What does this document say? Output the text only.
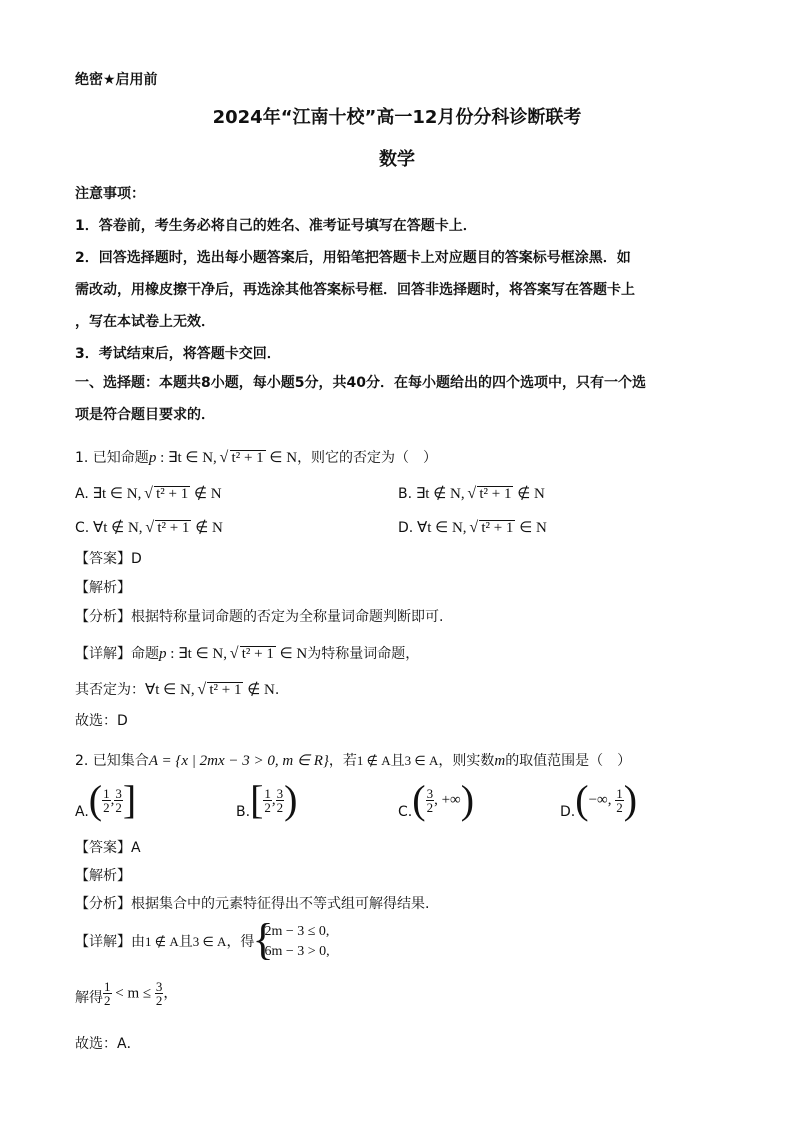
绝密★启用前
2024年“江南十校”高一12月份分科诊断联考
数学
注意事项：
1．答卷前，考生务必将自己的姓名、准考证号填写在答题卡上．
2．回答选择题时，选出每小题答案后，用铅笔把答题卡上对应题目的答案标号框涂黑．如
需改动，用橡皮擦干净后，再选涂其他答案标号框．回答非选择题时，将答案写在答题卡上
，写在本试卷上无效．
3．考试结束后，将答题卡交回．
一、选择题：本题共8小题，每小题5分，共40分．在每小题给出的四个选项中，只有一个选
项是符合题目要求的．
1. 已知命题p : ∃t ∈ N, √ t² + 1 ∈ N，则它的否定为（　）
A. ∃t ∈ N, √ t² + 1 ∉ N	B. ∃t ∉ N, √ t² + 1 ∉ N
C. ∀t ∉ N, √ t² + 1 ∉ N	D. ∀t ∈ N, √ t² + 1 ∈ N
【答案】D
【解析】
【分析】根据特称量词命题的否定为全称量词命题判断即可.
【详解】命题p : ∃t ∈ N, √ t² + 1 ∈ N为特称量词命题，
其否定为：∀t ∈ N, √ t² + 1 ∉ N.
故选：D
2. 已知集合A = {x | 2mx − 3 > 0, m ∈ R}，若1 ∉ A且3 ∈ A，则实数m的取值范围是（　）
$A.( \frac{1}{2}$ , $\frac{3}{2}$ ]	$B.[ \frac{1}{2}$ , $\frac{3}{2}$ )	$C.( \frac{3}{2}$ , +∞)	D.(−∞, $\frac{1}{2}$ )
【答案】A
【解析】
【分析】根据集合中的元素特征得出不等式组可解得结果.
【详解】由1 ∉ A且3 ∈ A，得
{
2m − 3 ≤ 0,
6m − 3 > 0,
解得 $\frac{1}{2} < m \le \frac{3}{2}$ ，
故选：A．
